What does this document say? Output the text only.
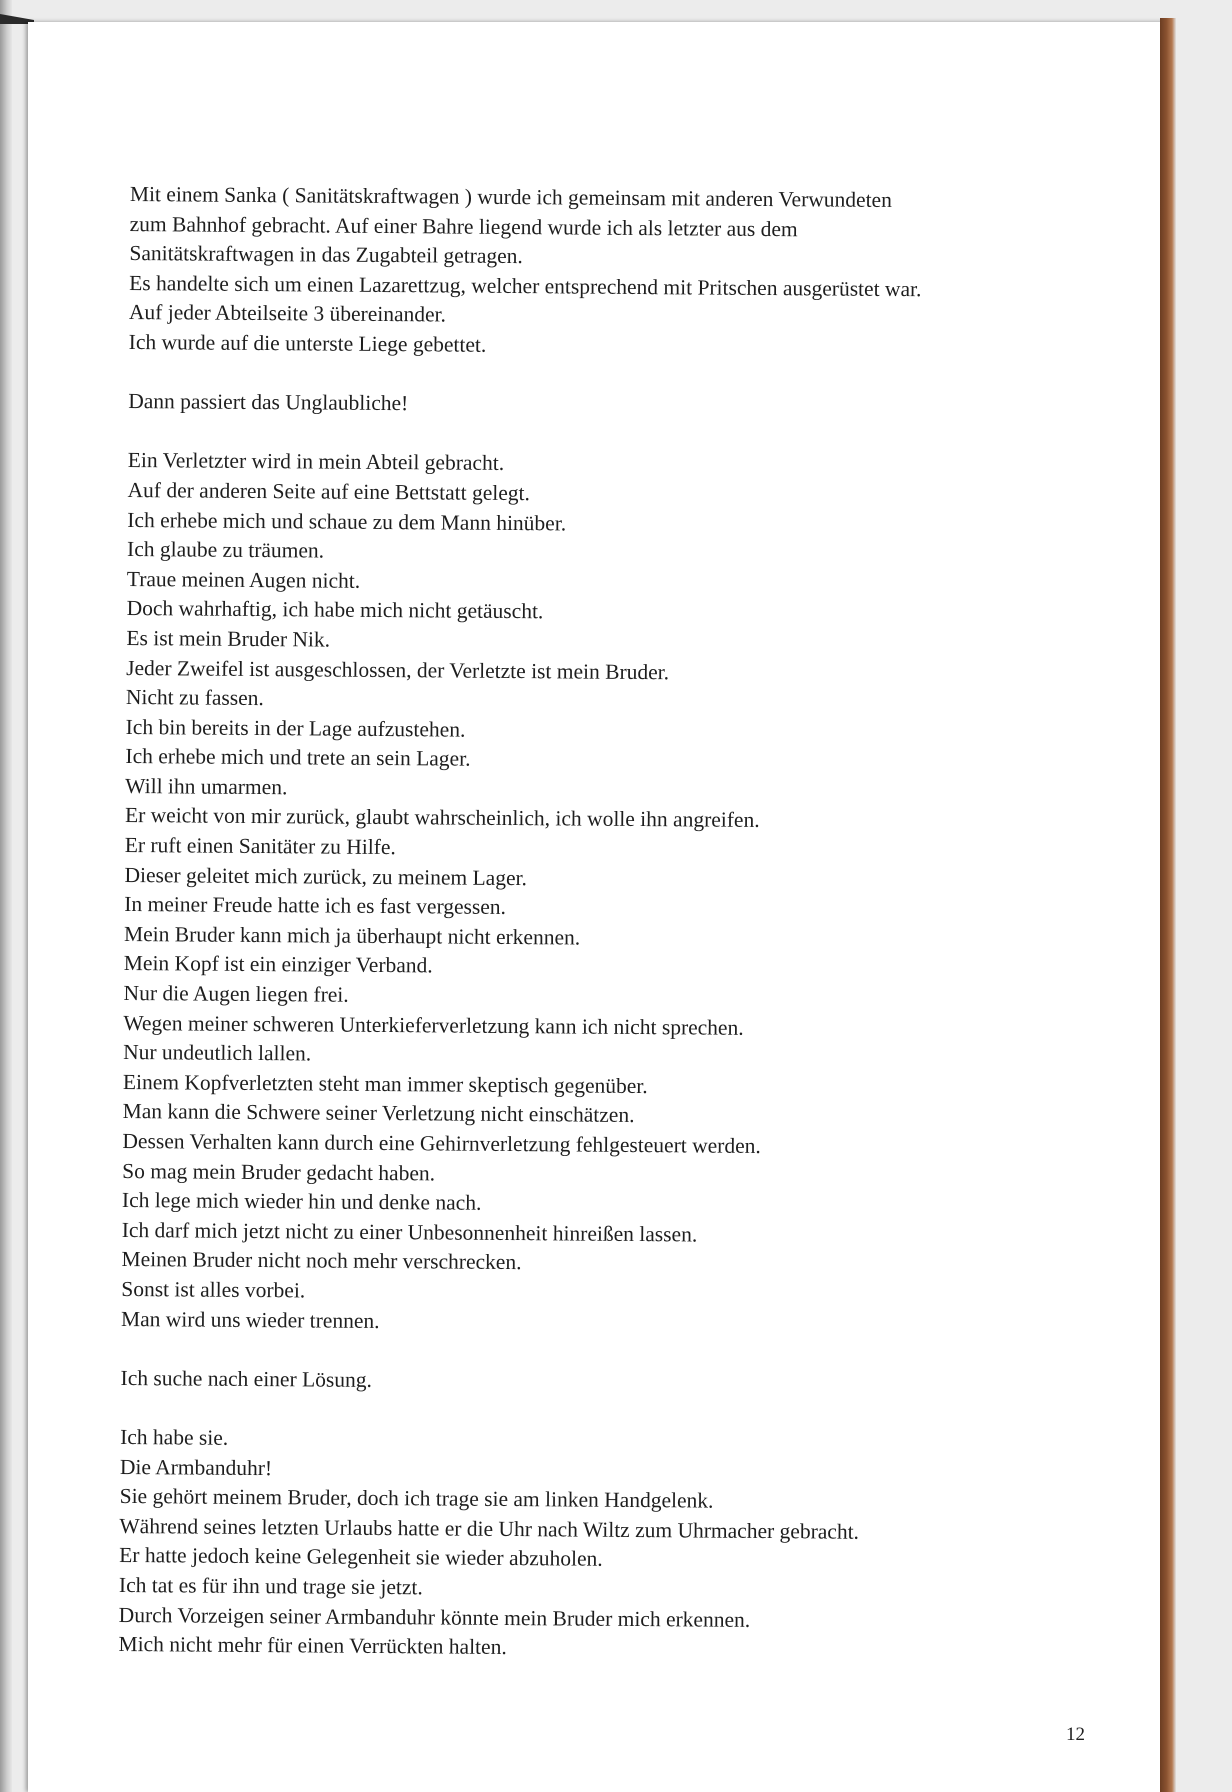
Mit einem Sanka ( Sanitätskraftwagen ) wurde ich gemeinsam mit anderen Verwundeten
zum Bahnhof gebracht. Auf einer Bahre liegend wurde ich als letzter aus dem
Sanitätskraftwagen in das Zugabteil getragen.
Es handelte sich um einen Lazarettzug, welcher entsprechend mit Pritschen ausgerüstet war.
Auf jeder Abteilseite 3 übereinander.
Ich wurde auf die unterste Liege gebettet.
Dann passiert das Unglaubliche!
Ein Verletzter wird in mein Abteil gebracht.
Auf der anderen Seite auf eine Bettstatt gelegt.
Ich erhebe mich und schaue zu dem Mann hinüber.
Ich glaube zu träumen.
Traue meinen Augen nicht.
Doch wahrhaftig, ich habe mich nicht getäuscht.
Es ist mein Bruder Nik.
Jeder Zweifel ist ausgeschlossen, der Verletzte ist mein Bruder.
Nicht zu fassen.
Ich bin bereits in der Lage aufzustehen.
Ich erhebe mich und trete an sein Lager.
Will ihn umarmen.
Er weicht von mir zurück, glaubt wahrscheinlich, ich wolle ihn angreifen.
Er ruft einen Sanitäter zu Hilfe.
Dieser geleitet mich zurück, zu meinem Lager.
In meiner Freude hatte ich es fast vergessen.
Mein Bruder kann mich ja überhaupt nicht erkennen.
Mein Kopf ist ein einziger Verband.
Nur die Augen liegen frei.
Wegen meiner schweren Unterkieferverletzung kann ich nicht sprechen.
Nur undeutlich lallen.
Einem Kopfverletzten steht man immer skeptisch gegenüber.
Man kann die Schwere seiner Verletzung nicht einschätzen.
Dessen Verhalten kann durch eine Gehirnverletzung fehlgesteuert werden.
So mag mein Bruder gedacht haben.
Ich lege mich wieder hin und denke nach.
Ich darf mich jetzt nicht zu einer Unbesonnenheit hinreißen lassen.
Meinen Bruder nicht noch mehr verschrecken.
Sonst ist alles vorbei.
Man wird uns wieder trennen.
Ich suche nach einer Lösung.
Ich habe sie.
Die Armbanduhr!
Sie gehört meinem Bruder, doch ich trage sie am linken Handgelenk.
Während seines letzten Urlaubs hatte er die Uhr nach Wiltz zum Uhrmacher gebracht.
Er hatte jedoch keine Gelegenheit sie wieder abzuholen.
Ich tat es für ihn und trage sie jetzt.
Durch Vorzeigen seiner Armbanduhr könnte mein Bruder mich erkennen.
Mich nicht mehr für einen Verrückten halten.
12
